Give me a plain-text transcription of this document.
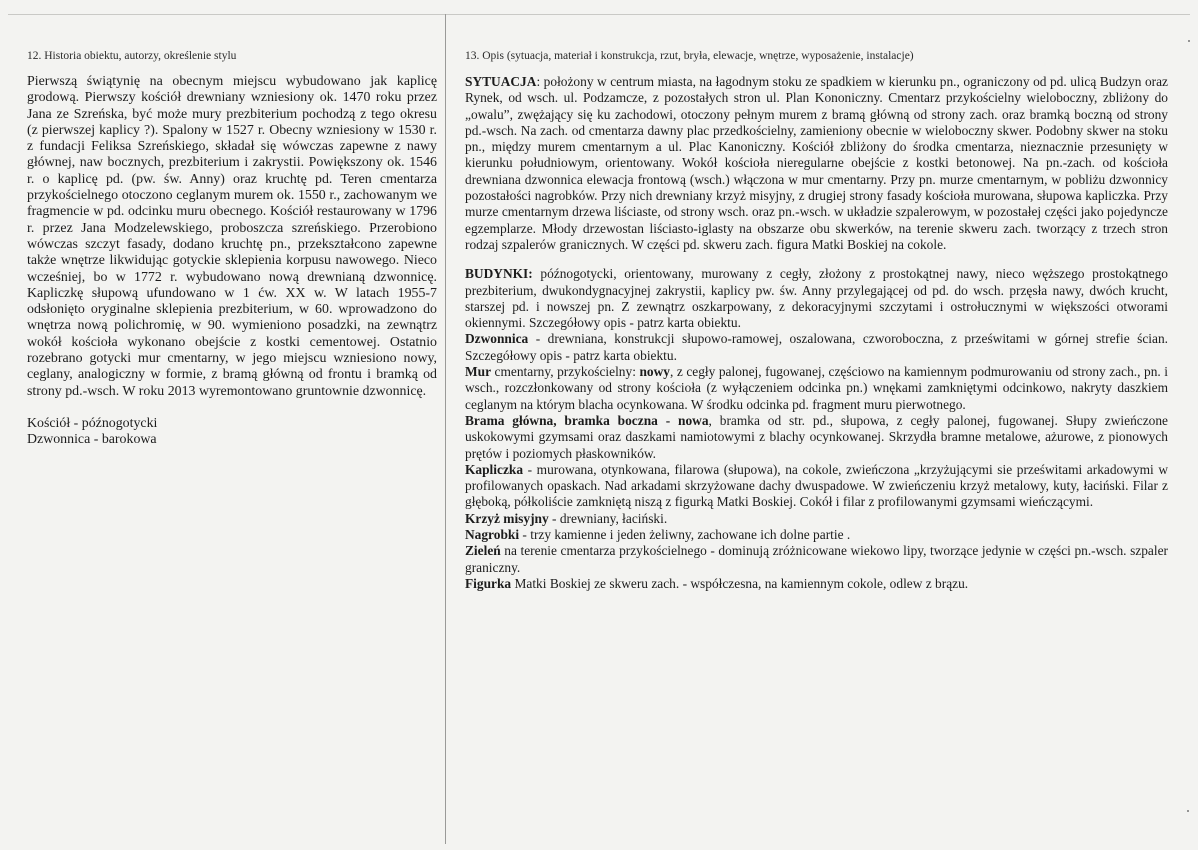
12. Historia obiektu, autorzy, określenie stylu

Pierwszą świątynię na obecnym miejscu wybudowano jak kaplicę grodową. Pierwszy kościół drewniany wzniesiony ok. 1470 roku przez Jana ze Szreńska, być może mury prezbiterium pochodzą z tego okresu (z pierwszej kaplicy ?). Spalony w 1527 r. Obecny wzniesiony w 1530 r. z fundacji Feliksa Szreńskiego, składał się wówczas zapewne z nawy głównej, naw bocznych, prezbiterium i zakrystii. Powiększony ok. 1546 r. o kaplicę pd. (pw. św. Anny) oraz kruchtę pd. Teren cmentarza przykościelnego otoczono ceglanym murem ok. 1550 r., zachowanym we fragmencie w pd. odcinku muru obecnego. Kościół restaurowany w 1796 r. przez Jana Modzelewskiego, proboszcza szreńskiego. Przerobiono wówczas szczyt fasady, dodano kruchtę pn., przekształcono zapewne także wnętrze likwidując gotyckie sklepienia korpusu nawowego. Nieco wcześniej, bo w 1772 r. wybudowano nową drewnianą dzwonnicę. Kapliczkę słupową ufundowano w 1 ćw. XX w. W latach 1955-7 odsłonięto oryginalne sklepienia prezbiterium, w 60. wprowadzono do wnętrza nową polichromię, w 90. wymieniono posadzki, na zewnątrz wokół kościoła wykonano obejście z kostki cementowej. Ostatnio rozebrano gotycki mur cmentarny, w jego miejscu wzniesiono nowy, ceglany, analogiczny w formie, z bramą główną od frontu i bramką od strony pd.-wsch. W roku 2013 wyremontowano gruntownie dzwonnicę.

Kościół - późnogotycki
Dzwonnica - barokowa
13. Opis (sytuacja, materiał i konstrukcja, rzut, bryła, elewacje, wnętrze, wyposażenie, instalacje)

SYTUACJA: położony w centrum miasta, na łagodnym stoku ze spadkiem w kierunku pn., ograniczony od pd. ulicą Budzyn oraz Rynek, od wsch. ul. Podzamcze, z pozostałych stron ul. Plan Kononiczny. Cmentarz przykościelny wieloboczny, zbliżony do „owalu”, zwężający się ku zachodowi, otoczony pełnym murem z bramą główną od strony zach. oraz bramką boczną od strony pd.-wsch. Na zach. od cmentarza dawny plac przedkościelny, zamieniony obecnie w wieloboczny skwer. Podobny skwer na stoku pn., między murem cmentarnym a ul. Plac Kanoniczny. Kościół zbliżony do środka cmentarza, nieznacznie przesunięty w kierunku południowym, orientowany. Wokół kościoła nieregularne obejście z kostki betonowej. Na pn.-zach. od kościoła drewniana dzwonnica elewacja frontową (wsch.) włączona w mur cmentarny. Przy pn. murze cmentarnym, w pobliżu dzwonnicy pozostałości nagrobków. Przy nich drewniany krzyż misyjny, z drugiej strony fasady kościoła murowana, słupowa kapliczka. Przy murze cmentarnym drzewa liściaste, od strony wsch. oraz pn.-wsch. w układzie szpalerowym, w pozostałej części jako pojedyncze egzemplarze. Młody drzewostan liściasto-iglasty na obszarze obu skwerków, na terenie skweru zach. tworzący z trzech stron rodzaj szpalerów granicznych. W części pd. skweru zach. figura Matki Boskiej na cokole.

BUDYNKI: późnogotycki, orientowany, murowany z cegły, złożony z prostokątnej nawy, nieco węższego prostokątnego prezbiterium, dwukondygnacyjnej zakrystii, kaplicy pw. św. Anny przylegającej od pd. do wsch. przęsła nawy, dwóch krucht, starszej pd. i nowszej pn. Z zewnątrz oszkarpowany, z dekoracyjnymi szczytami i ostrołucznymi w większości otworami okiennymi. Szczegółowy opis - patrz karta obiektu.

Dzwonnica - drewniana, konstrukcji słupowo-ramowej, oszalowana, czworoboczna, z prześwitami w górnej strefie ścian. Szczegółowy opis - patrz karta obiektu.

Mur cmentarny, przykościelny: nowy, z cegły palonej, fugowanej, częściowo na kamiennym podmurowaniu od strony zach., pn. i wsch., rozczłonkowany od strony kościoła (z wyłączeniem odcinka pn.) wnękami zamkniętymi odcinkowo, nakryty daszkiem ceglanym na którym blacha ocynkowana. W środku odcinka pd. fragment muru pierwotnego.

Brama główna, bramka boczna - nowa, bramka od str. pd., słupowa, z cegły palonej, fugowanej. Słupy zwieńczone uskokowymi gzymsami oraz daszkami namiotowymi z blachy ocynkowanej. Skrzydła bramne metalowe, ażurowe, z pionowych prętów i poziomych płaskowników.

Kapliczka - murowana, otynkowana, filarowa (słupowa), na cokole, zwieńczona „krzyżującymi sie prześwitami arkadowymi w profilowanych opaskach. Nad arkadami skrzyżowane dachy dwuspadowe. W zwieńczeniu krzyż metalowy, kuty, łaciński. Filar z głęboką, półkoliście zamkniętą niszą z figurką Matki Boskiej. Cokół i filar z profilowanymi gzymsami wieńczącymi.

Krzyż misyjny - drewniany, łaciński.

Nagrobki - trzy kamienne i jeden żeliwny, zachowane ich dolne partie .

Zieleń na terenie cmentarza przykościelnego - dominują zróżnicowane wiekowo lipy, tworzące jedynie w części pn.-wsch. szpaler graniczny.

Figurka Matki Boskiej ze skweru zach. - współczesna, na kamiennym cokole, odlew z brązu.
